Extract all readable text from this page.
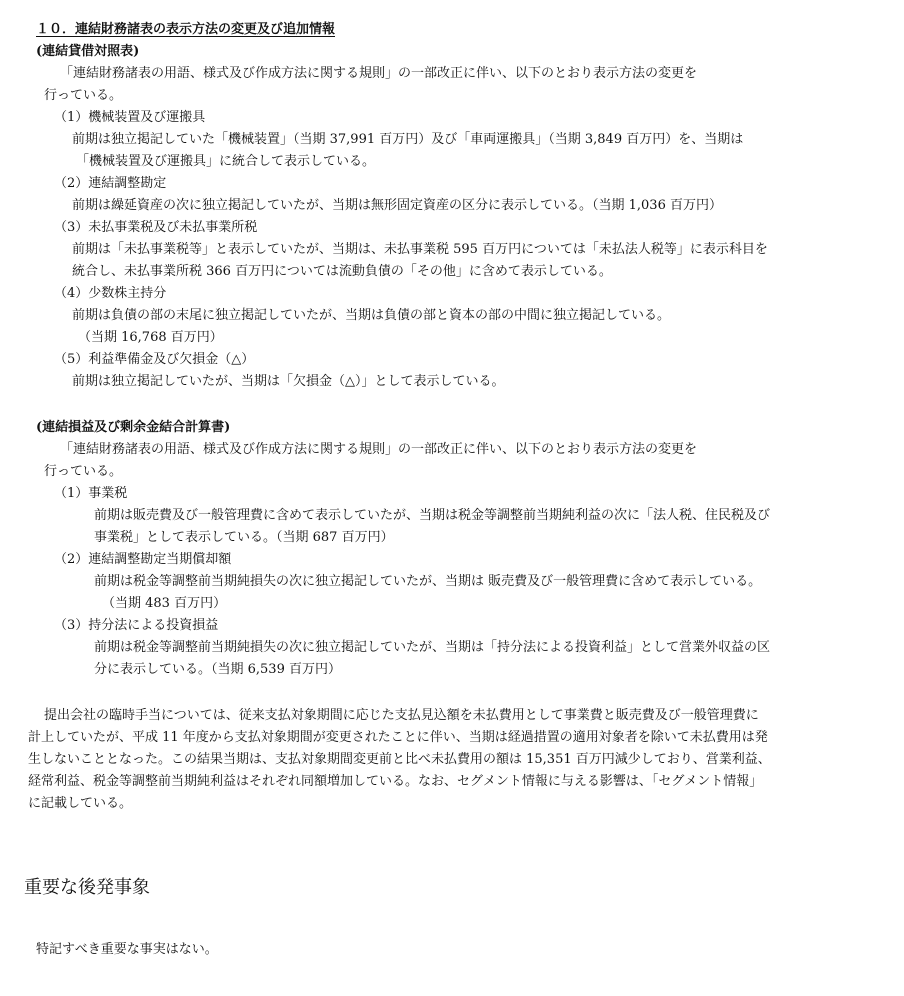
１０．連結財務諸表の表示方法の変更及び追加情報
(連結貸借対照表)
「連結財務諸表の用語、様式及び作成方法に関する規則」の一部改正に伴い、以下のとおり表示方法の変更を
行っている。
（1）機械装置及び運搬具
前期は独立掲記していた「機械装置」（当期 37,991 百万円）及び「車両運搬具」（当期 3,849 百万円）を、当期は
「機械装置及び運搬具」に統合して表示している。
（2）連結調整勘定
前期は繰延資産の次に独立掲記していたが、当期は無形固定資産の区分に表示している。（当期 1,036 百万円）
（3）未払事業税及び未払事業所税
前期は「未払事業税等」と表示していたが、当期は、未払事業税 595 百万円については「未払法人税等」に表示科目を
統合し、未払事業所税 366 百万円については流動負債の「その他」に含めて表示している。
（4）少数株主持分
前期は負債の部の末尾に独立掲記していたが、当期は負債の部と資本の部の中間に独立掲記している。
（当期 16,768 百万円）
（5）利益準備金及び欠損金（△）
前期は独立掲記していたが、当期は「欠損金（△）」として表示している。
(連結損益及び剰余金結合計算書)
「連結財務諸表の用語、様式及び作成方法に関する規則」の一部改正に伴い、以下のとおり表示方法の変更を
行っている。
（1）事業税
前期は販売費及び一般管理費に含めて表示していたが、当期は税金等調整前当期純利益の次に「法人税、住民税及び
事業税」として表示している。（当期 687 百万円）
（2）連結調整勘定当期償却額
前期は税金等調整前当期純損失の次に独立掲記していたが、当期は 販売費及び一般管理費に含めて表示している。
（当期 483 百万円）
（3）持分法による投資損益
前期は税金等調整前当期純損失の次に独立掲記していたが、当期は「持分法による投資利益」として営業外収益の区
分に表示している。（当期 6,539 百万円）
提出会社の臨時手当については、従来支払対象期間に応じた支払見込額を未払費用として事業費と販売費及び一般管理費に
計上していたが、平成 11 年度から支払対象期間が変更されたことに伴い、当期は経過措置の適用対象者を除いて未払費用は発
生しないこととなった。この結果当期は、支払対象期間変更前と比べ未払費用の額は 15,351 百万円減少しており、営業利益、
経常利益、税金等調整前当期純利益はそれぞれ同額増加している。なお、セグメント情報に与える影響は、「セグメント情報」
に記載している。
重要な後発事象
特記すべき重要な事実はない。
